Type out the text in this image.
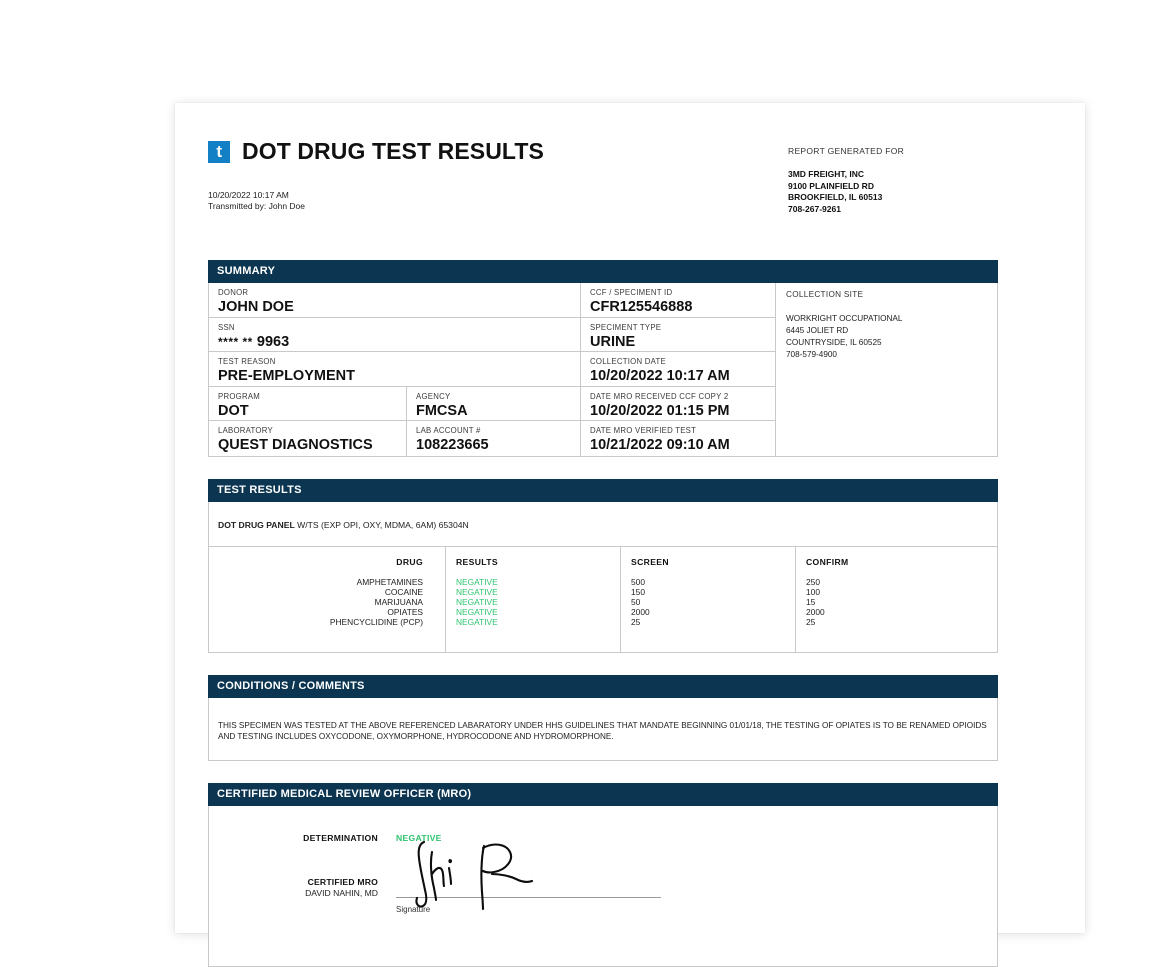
t DOT DRUG TEST RESULTS
10/20/2022 10:17 AM
Transmitted by: John Doe
REPORT GENERATED FOR
3MD FREIGHT, INC
9100 PLAINFIELD RD
BROOKFIELD, IL 60513
708-267-9261
SUMMARY
DONOR
JOHN DOE
SSN
**** ** 9963
TEST REASON
PRE-EMPLOYMENT
PROGRAM
DOT
AGENCY
FMCSA
LABORATORY
QUEST DIAGNOSTICS
LAB ACCOUNT #
108223665
CCF / SPECIMENT ID
CFR125546888
SPECIMENT TYPE
URINE
COLLECTION DATE
10/20/2022 10:17 AM
DATE MRO RECEIVED CCF COPY 2
10/20/2022 01:15 PM
DATE MRO VERIFIED TEST
10/21/2022 09:10 AM
COLLECTION SITE
WORKRIGHT OCCUPATIONAL
6445 JOLIET RD
COUNTRYSIDE, IL 60525
708-579-4900
TEST RESULTS
DOT DRUG PANEL W/TS (EXP OPI, OXY, MDMA, 6AM) 65304N
DRUG
AMPHETAMINES
COCAINE
MARIJUANA
OPIATES
PHENCYCLIDINE (PCP)
RESULTS
NEGATIVE
NEGATIVE
NEGATIVE
NEGATIVE
NEGATIVE
SCREEN
500
150
50
2000
25
CONFIRM
250
100
15
2000
25
CONDITIONS / COMMENTS
THIS SPECIMEN WAS TESTED AT THE ABOVE REFERENCED LABARATORY UNDER HHS GUIDELINES THAT MANDATE BEGINNING 01/01/18, THE TESTING OF OPIATES IS TO BE RENAMED OPIOIDS AND TESTING INCLUDES OXYCODONE, OXYMORPHONE, HYDROCODONE AND HYDROMORPHONE.
CERTIFIED MEDICAL REVIEW OFFICER (MRO)
DETERMINATION NEGATIVE
CERTIFIED MRO
DAVID NAHIN, MD
Signature
